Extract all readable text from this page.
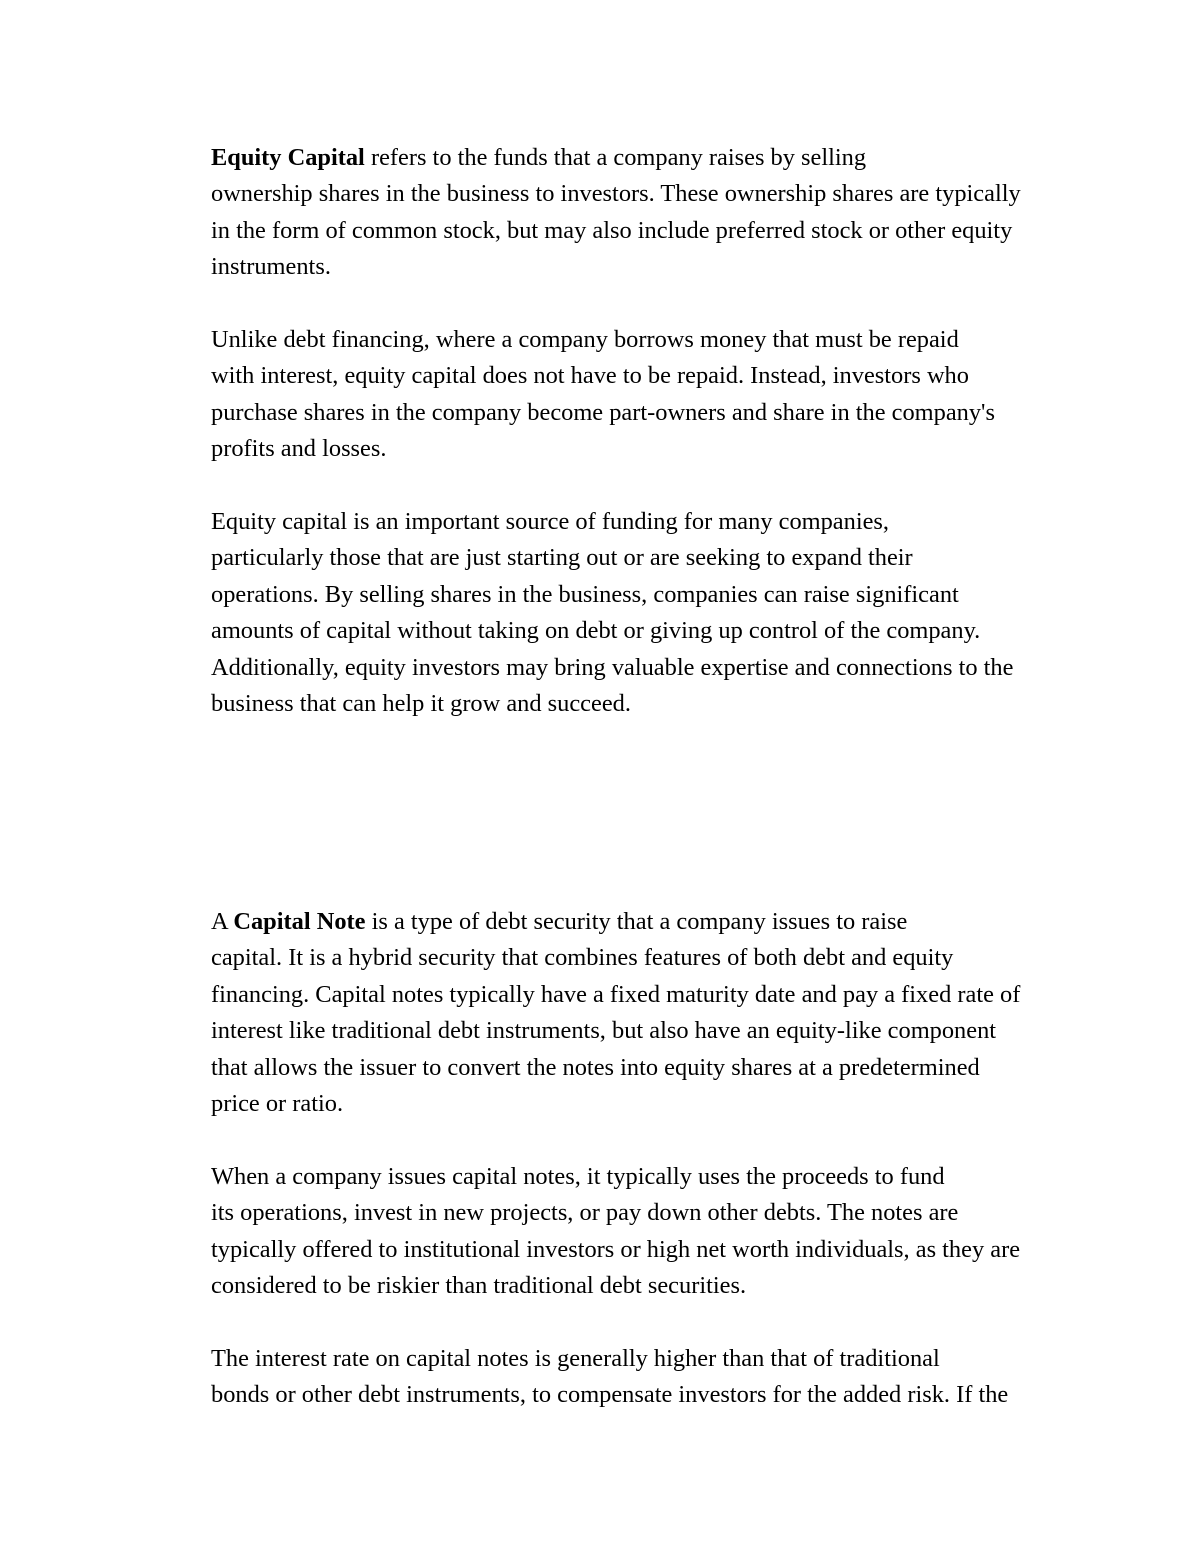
Equity Capital refers to the funds that a company raises by selling
ownership shares in the business to investors. These ownership shares are typically
in the form of common stock, but may also include preferred stock or other equity
instruments.

Unlike debt financing, where a company borrows money that must be repaid
with interest, equity capital does not have to be repaid. Instead, investors who
purchase shares in the company become part-owners and share in the company's
profits and losses.

Equity capital is an important source of funding for many companies,
particularly those that are just starting out or are seeking to expand their
operations. By selling shares in the business, companies can raise significant
amounts of capital without taking on debt or giving up control of the company.
Additionally, equity investors may bring valuable expertise and connections to the
business that can help it grow and succeed.

A Capital Note is a type of debt security that a company issues to raise
capital. It is a hybrid security that combines features of both debt and equity
financing. Capital notes typically have a fixed maturity date and pay a fixed rate of
interest like traditional debt instruments, but also have an equity-like component
that allows the issuer to convert the notes into equity shares at a predetermined
price or ratio.

When a company issues capital notes, it typically uses the proceeds to fund
its operations, invest in new projects, or pay down other debts. The notes are
typically offered to institutional investors or high net worth individuals, as they are
considered to be riskier than traditional debt securities.

The interest rate on capital notes is generally higher than that of traditional
bonds or other debt instruments, to compensate investors for the added risk. If the
